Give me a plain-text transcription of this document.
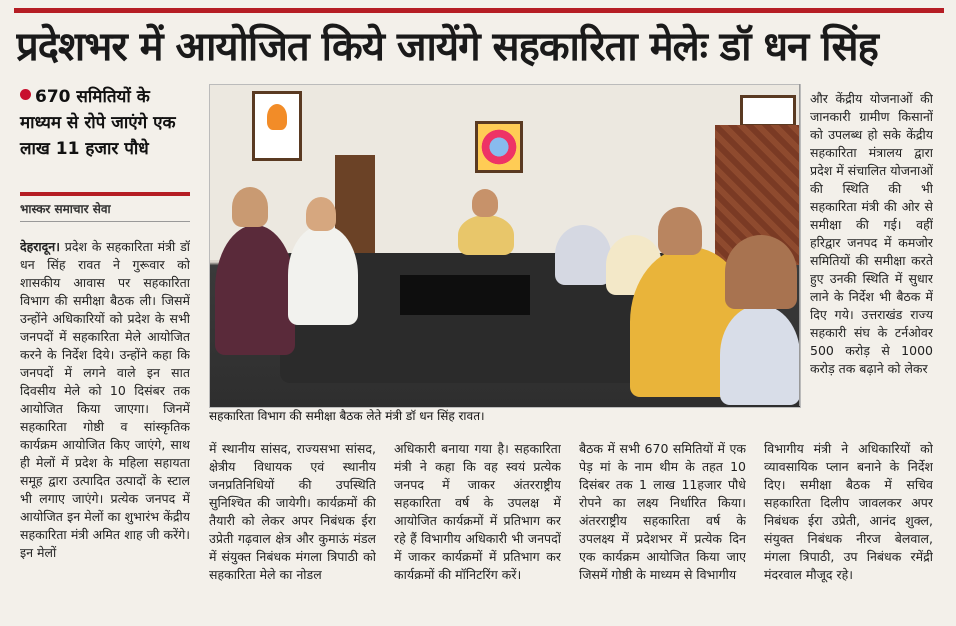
प्रदेशभर में आयोजित किये जायेंगे सहकारिता मेलेः डॉ धन सिंह
670 समितियों के माध्यम से रोपे जाएंगे एक लाख 11 हजार पौधे
भास्कर समाचार सेवा
देहरादून। प्रदेश के सहकारिता मंत्री डॉ धन सिंह रावत ने गुरूवार को शासकीय आवास पर सहकारिता विभाग की समीक्षा बैठक ली। जिसमें उन्होंने अधिकारियों को प्रदेश के सभी जनपदों में सहकारिता मेले आयोजित करने के निर्देश दिये। उन्होंने कहा कि जनपदों में लगने वाले इन सात दिवसीय मेले को 10 दिसंबर तक आयोजित किया जाएगा। जिनमें सहकारिता गोष्ठी व सांस्कृतिक कार्यक्रम आयोजित किए जाएंगे, साथ ही मेलों में प्रदेश के महिला सहायता समूह द्वारा उत्पादित उत्पादों के स्टाल भी लगाए जाएंगे। प्रत्येक जनपद में आयोजित इन मेलों का शुभारंभ केंद्रीय सहकारिता मंत्री अमित शाह जी करेंगे। इन मेलों
सहकारिता विभाग की समीक्षा बैठक लेते मंत्री डॉ धन सिंह रावत।
और केंद्रीय योजनाओं की जानकारी ग्रामीण किसानों को उपलब्ध हो सके केंद्रीय सहकारिता मंत्रालय द्वारा प्रदेश में संचालित योजनाओं की स्थिति की भी सहकारिता मंत्री की ओर से समीक्षा की गई। वहीं हरिद्वार जनपद में कमजोर समितियों की समीक्षा करते हुए उनकी स्थिति में सुधार लाने के निर्देश भी बैठक में दिए गये। उत्तराखंड राज्य सहकारी संघ के टर्नओवर 500 करोड़ से 1000 करोड़ तक बढ़ाने को लेकर
में स्थानीय सांसद, राज्यसभा सांसद, क्षेत्रीय विधायक एवं स्थानीय जनप्रतिनिधियों की उपस्थिति सुनिश्चित की जायेगी। कार्यक्रमों की तैयारी को लेकर अपर निबंधक ईरा उप्रेती गढ़वाल क्षेत्र और कुमाऊं मंडल में संयुक्त निबंधक मंगला त्रिपाठी को सहकारिता मेले का नोडल
अधिकारी बनाया गया है। सहकारिता मंत्री ने कहा कि वह स्वयं प्रत्येक जनपद में जाकर अंतरराष्ट्रीय सहकारिता वर्ष के उपलक्ष में आयोजित कार्यक्रमों में प्रतिभाग कर रहे हैं विभागीय अधिकारी भी जनपदों में जाकर कार्यक्रमों में प्रतिभाग कर कार्यक्रमों की मॉनिटरिंग करें।
बैठक में सभी 670 समितियों में एक पेड़ मां के नाम थीम के तहत 10 दिसंबर तक 1 लाख 11हजार पौधे रोपने का लक्ष्य निर्धारित किया। अंतरराष्ट्रीय सहकारिता वर्ष के उपलक्ष्य में प्रदेशभर में प्रत्येक दिन एक कार्यक्रम आयोजित किया जाए जिसमें गोष्ठी के माध्यम से विभागीय
विभागीय मंत्री ने अधिकारियों को व्यावसायिक प्लान बनाने के निर्देश दिए। समीक्षा बैठक में सचिव सहकारिता दिलीप जावलकर अपर निबंधक ईरा उप्रेती, आनंद शुक्ल, संयुक्त निबंधक नीरज बेलवाल, मंगला त्रिपाठी, उप निबंधक रमेंद्री मंदरवाल मौजूद रहे।
